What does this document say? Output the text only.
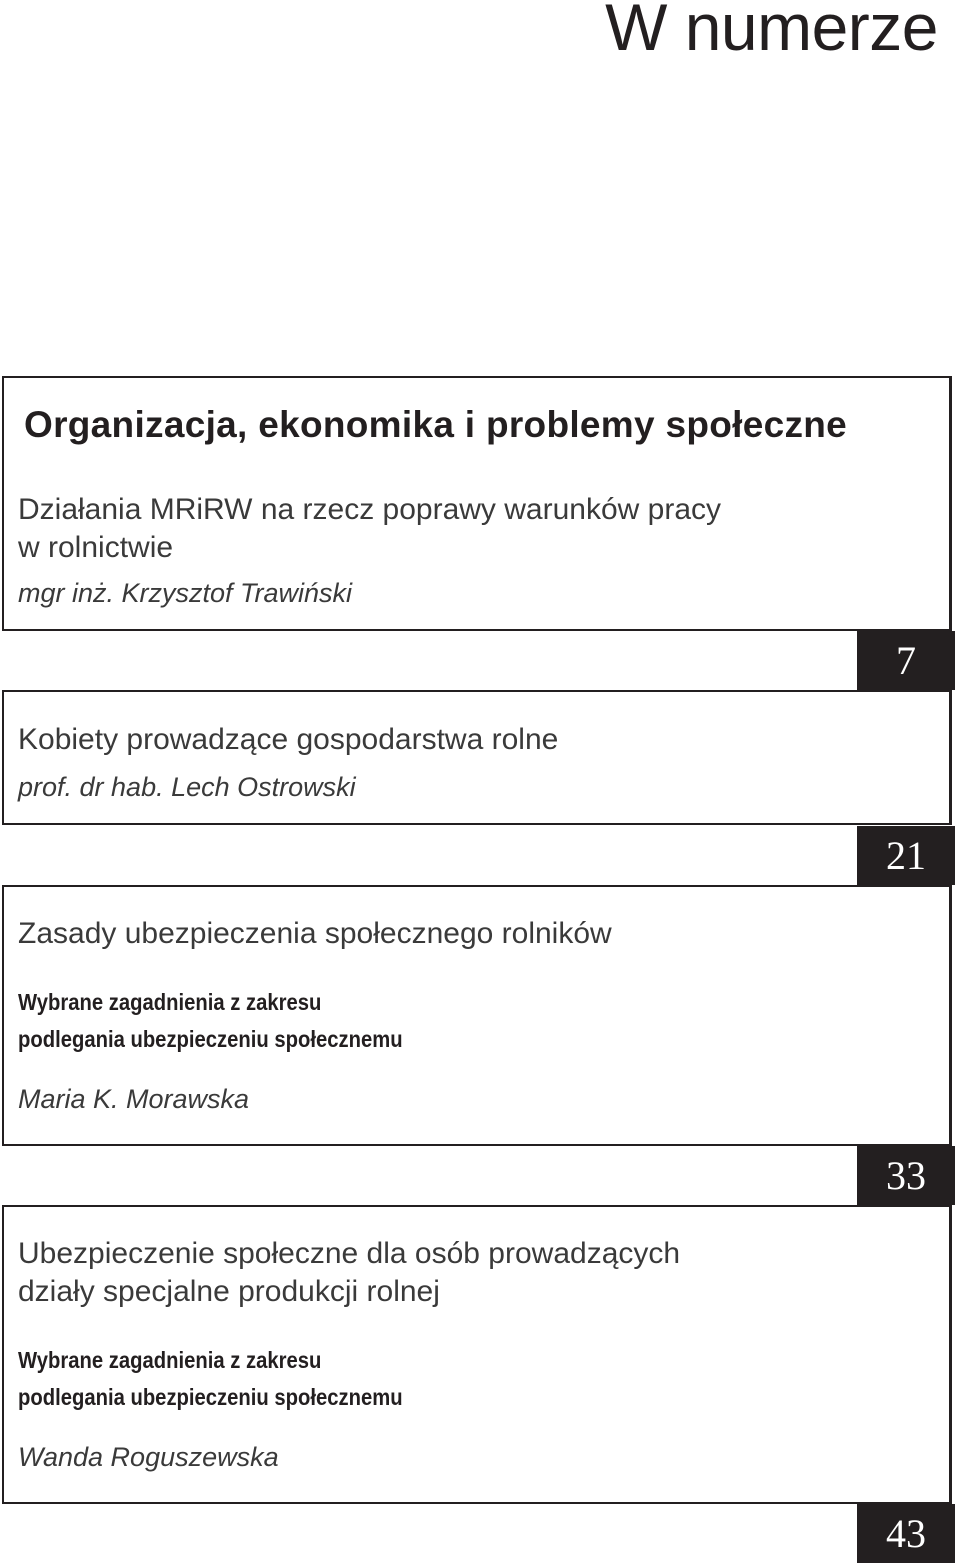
W numerze
Organizacja, ekonomika i problemy społeczne
Działania MRiRW na rzecz poprawy warunków pracy
w rolnictwie
mgr inż. Krzysztof Trawiński
7
Kobiety prowadzące gospodarstwa rolne
prof. dr hab. Lech Ostrowski
21
Zasady ubezpieczenia społecznego rolników
Wybrane zagadnienia z zakresu
podlegania ubezpieczeniu społecznemu
Maria K. Morawska
33
Ubezpieczenie społeczne dla osób prowadzących
działy specjalne produkcji rolnej
Wybrane zagadnienia z zakresu
podlegania ubezpieczeniu społecznemu
Wanda Roguszewska
43
